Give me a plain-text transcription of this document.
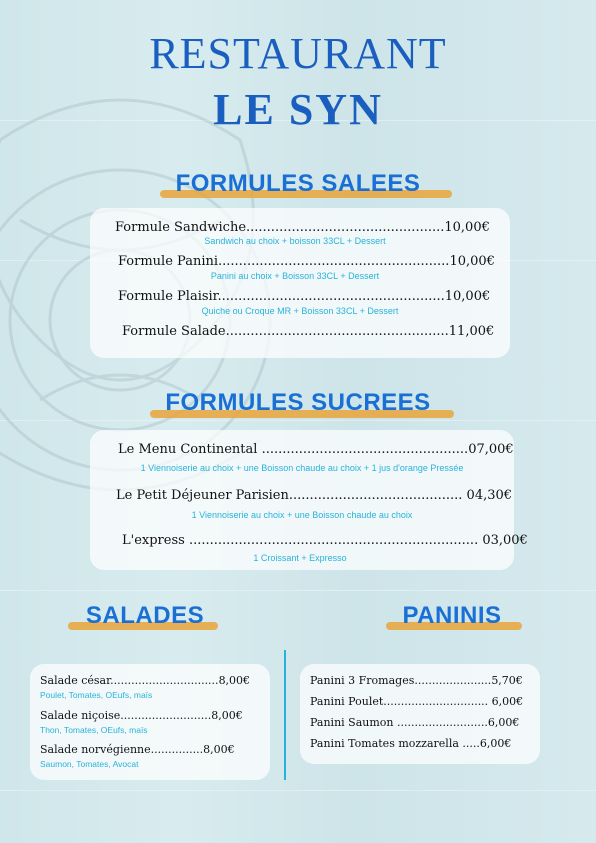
RESTAURANT
LE SYN
FORMULES SALEES
Formule Sandwiche................................................10,00€
Sandwich au choix + boisson 33CL + Dessert
Formule Panini........................................................10,00€
Panini au choix + Boisson 33CL + Dessert
Formule Plaisir.......................................................10,00€
Quiche ou Croque MR + Boisson 33CL + Dessert
Formule Salade......................................................11,00€
FORMULES SUCREES
Le Menu Continental ..................................................07,00€
1 Viennoiserie au choix + une Boisson chaude au choix + 1 jus d'orange Pressée
Le Petit Déjeuner Parisien.......................................... 04,30€
1 Viennoiserie au choix + une Boisson chaude au choix
L'express ...................................................................... 03,00€
1 Croissant + Expresso
SALADES
Salade césar...............................8,00€
Poulet, Tomates, OEufs, maïs
Salade niçoise..........................8,00€
Thon, Tomates, OEufs, maïs
Salade norvégienne...............8,00€
Saumon, Tomates, Avocat
PANINIS
Panini 3 Fromages......................5,70€
Panini Poulet.............................. 6,00€
Panini Saumon ..........................6,00€
Panini Tomates mozzarella .....6,00€
